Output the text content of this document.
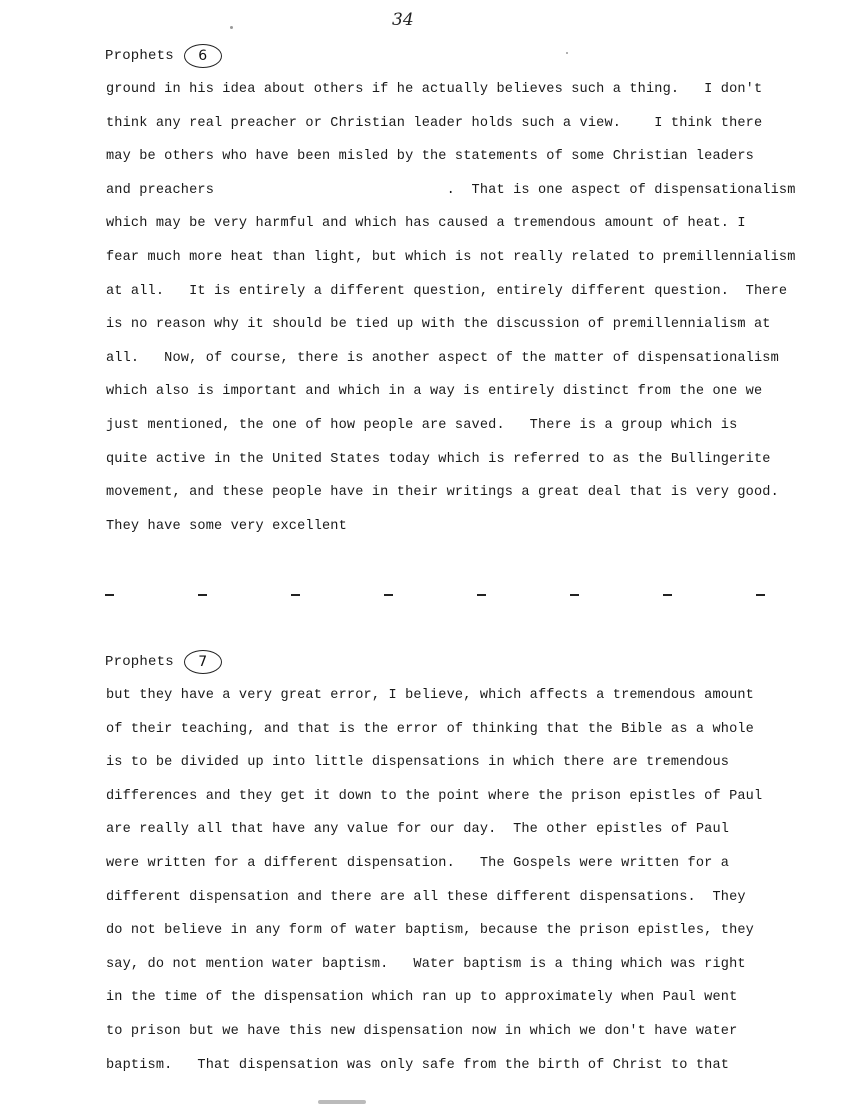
34
Prophets	6
ground in his idea about others if he actually believes such a thing.   I don't
think any real preacher or Christian leader holds such a view.    I think there
may be others who have been misled by the statements of some Christian leaders
and preachers                            .  That is one aspect of dispensationalism
which may be very harmful and which has caused a tremendous amount of heat. I
fear much more heat than light, but which is not really related to premillennialism
at all.   It is entirely a different question, entirely different question.  There
is no reason why it should be tied up with the discussion of premillennialism at
all.   Now, of course, there is another aspect of the matter of dispensationalism
which also is important and which in a way is entirely distinct from the one we
just mentioned, the one of how people are saved.   There is a group which is
quite active in the United States today which is referred to as the Bullingerite
movement, and these people have in their writings a great deal that is very good.
They have some very excellent
Prophets	7
but they have a very great error, I believe, which affects a tremendous amount
of their teaching, and that is the error of thinking that the Bible as a whole
is to be divided up into little dispensations in which there are tremendous
differences and they get it down to the point where the prison epistles of Paul
are really all that have any value for our day.  The other epistles of Paul
were written for a different dispensation.   The Gospels were written for a
different dispensation and there are all these different dispensations.  They
do not believe in any form of water baptism, because the prison epistles, they
say, do not mention water baptism.   Water baptism is a thing which was right
in the time of the dispensation which ran up to approximately when Paul went
to prison but we have this new dispensation now in which we don't have water
baptism.   That dispensation was only safe from the birth of Christ to that
